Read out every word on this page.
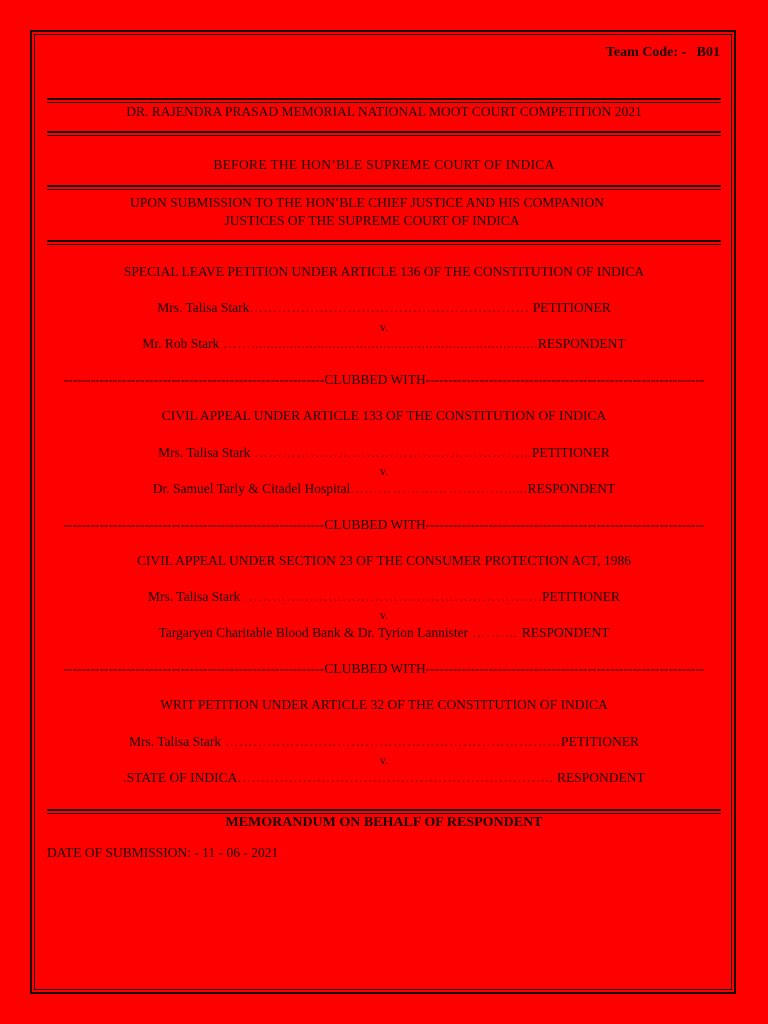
Team Code: -   B01
DR. RAJENDRA PRASAD MEMORIAL NATIONAL MOOT COURT COMPETITION 2021
BEFORE THE HON’BLE SUPREME COURT OF INDICA
UPON SUBMISSION TO THE HON’BLE CHIEF JUSTICE AND HIS COMPANION
JUSTICES OF THE SUPREME COURT OF INDICA
SPECIAL LEAVE PETITION UNDER ARTICLE 136 OF THE CONSTITUTION OF INDICA
Mrs. Talisa Stark…………………………………………………… PETITIONER
v.
Mr. Rob Stark ……..........................................................................RESPONDENT
----------------------------------------------------------CLUBBED WITH--------------------------------------------------------------
CIVIL APPEAL UNDER ARTICLE 133 OF THE CONSTITUTION OF INDICA
Mrs. Talisa Stark …………………………………………………...PETITIONER
v.
Dr. Samuel Tarly & Citadel Hospital……………………………......RESPONDENT
----------------------------------------------------------CLUBBED WITH--------------------------------------------------------------
CIVIL APPEAL UNDER SECTION 23 OF THE CONSUMER PROTECTION ACT, 1986
Mrs. Talisa Stark ……………………………………………………….PETITIONER
v.
Targaryen Charitable Blood Bank & Dr. Tyrion Lannister ………. RESPONDENT
----------------------------------------------------------CLUBBED WITH--------------------------------------------------------------
WRIT PETITION UNDER ARTICLE 32 OF THE CONSTITUTION OF INDICA
Mrs. Talisa Stark ………………………………………………………………PETITIONER
v.
.STATE OF INDICA………………………………………………………….. RESPONDENT
MEMORANDUM ON BEHALF OF RESPONDENT
DATE OF SUBMISSION: - 11 - 06 - 2021
